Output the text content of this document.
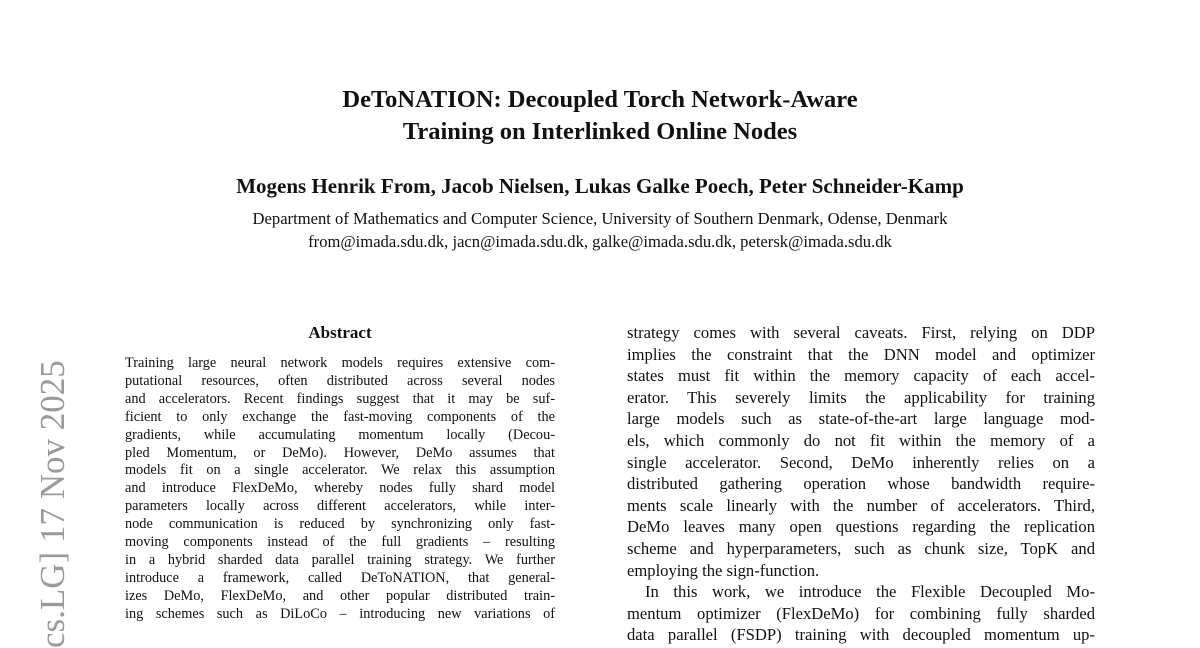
DeToNATION: Decoupled Torch Network-Aware
Training on Interlinked Online Nodes
Mogens Henrik From, Jacob Nielsen, Lukas Galke Poech, Peter Schneider-Kamp
Department of Mathematics and Computer Science, University of Southern Denmark, Odense, Denmark
from@imada.sdu.dk, jacn@imada.sdu.dk, galke@imada.sdu.dk, petersk@imada.sdu.dk
cs.LG] 17 Nov 2025
Abstract
Training large neural network models requires extensive com-
putational resources, often distributed across several nodes
and accelerators. Recent findings suggest that it may be suf-
ficient to only exchange the fast-moving components of the
gradients, while accumulating momentum locally (Decou-
pled Momentum, or DeMo). However, DeMo assumes that
models fit on a single accelerator. We relax this assumption
and introduce FlexDeMo, whereby nodes fully shard model
parameters locally across different accelerators, while inter-
node communication is reduced by synchronizing only fast-
moving components instead of the full gradients – resulting
in a hybrid sharded data parallel training strategy. We further
introduce a framework, called DeToNATION, that general-
izes DeMo, FlexDeMo, and other popular distributed train-
ing schemes such as DiLoCo – introducing new variations of
strategy comes with several caveats. First, relying on DDP
implies the constraint that the DNN model and optimizer
states must fit within the memory capacity of each accel-
erator. This severely limits the applicability for training
large models such as state-of-the-art large language mod-
els, which commonly do not fit within the memory of a
single accelerator. Second, DeMo inherently relies on a
distributed gathering operation whose bandwidth require-
ments scale linearly with the number of accelerators. Third,
DeMo leaves many open questions regarding the replication
scheme and hyperparameters, such as chunk size, TopK and
employing the sign-function.
In this work, we introduce the Flexible Decoupled Mo-
mentum optimizer (FlexDeMo) for combining fully sharded
data parallel (FSDP) training with decoupled momentum up-
